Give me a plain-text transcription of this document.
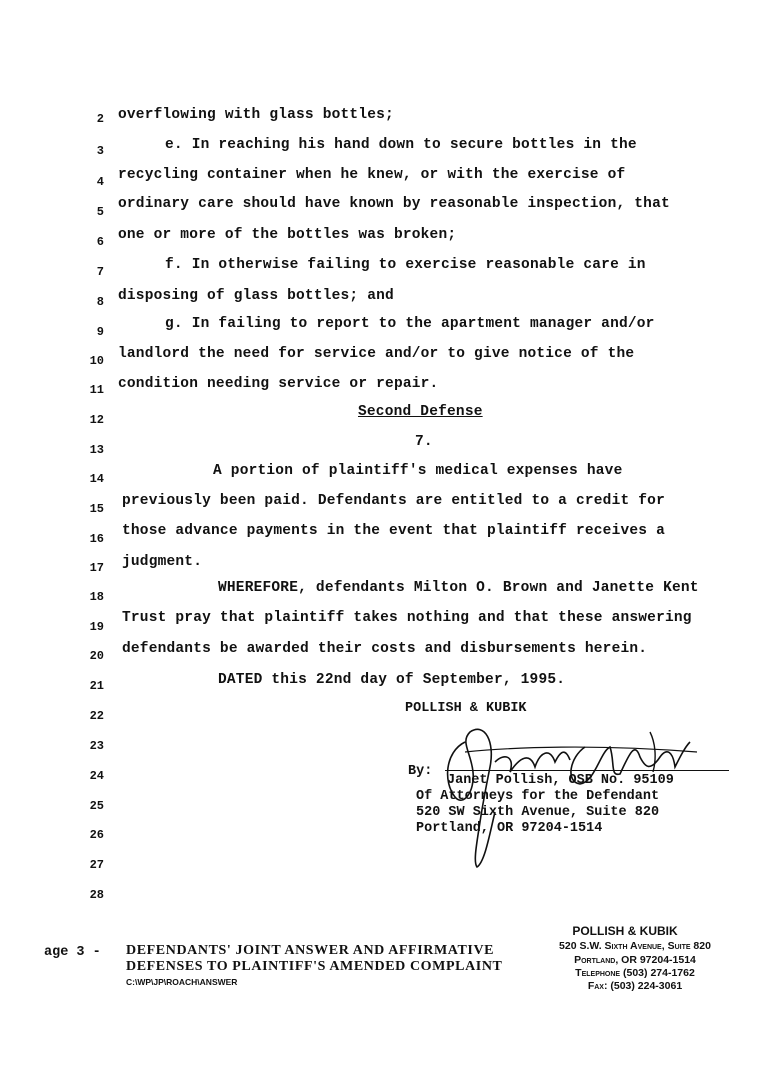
2
3
4
5
6
7
8
9
10
11
12
13
14
15
16
17
18
19
20
21
22
23
24
25
26
27
28
overflowing with glass bottles;
e. In reaching his hand down to secure bottles in the
recycling container when he knew, or with the exercise of
ordinary care should have known by reasonable inspection, that
one or more of the bottles was broken;
f. In otherwise failing to exercise reasonable care in
disposing of glass bottles; and
g. In failing to report to the apartment manager and/or
landlord the need for service and/or to give notice of the
condition needing service or repair.
Second Defense
7.
A portion of plaintiff's medical expenses have
previously been paid. Defendants are entitled to a credit for
those advance payments in the event that plaintiff receives a
judgment.
WHEREFORE, defendants Milton O. Brown and Janette Kent
Trust pray that plaintiff takes nothing and that these answering
defendants be awarded their costs and disbursements herein.
DATED this 22nd day of September, 1995.
POLLISH & KUBIK
By:
Janet Pollish, OSB No. 95109
Of Attorneys for the Defendant
520 SW Sixth Avenue, Suite 820
Portland, OR 97204-1514
age 3 - DEFENDANTS' JOINT ANSWER AND AFFIRMATIVE
DEFENSES TO PLAINTIFF'S AMENDED COMPLAINT
C:\WP\JP\ROACH\ANSWER
POLLISH & KUBIK
520 S.W. Sixth Avenue, Suite 820
Portland, OR 97204-1514
Telephone (503) 274-1762
Fax: (503) 224-3061
